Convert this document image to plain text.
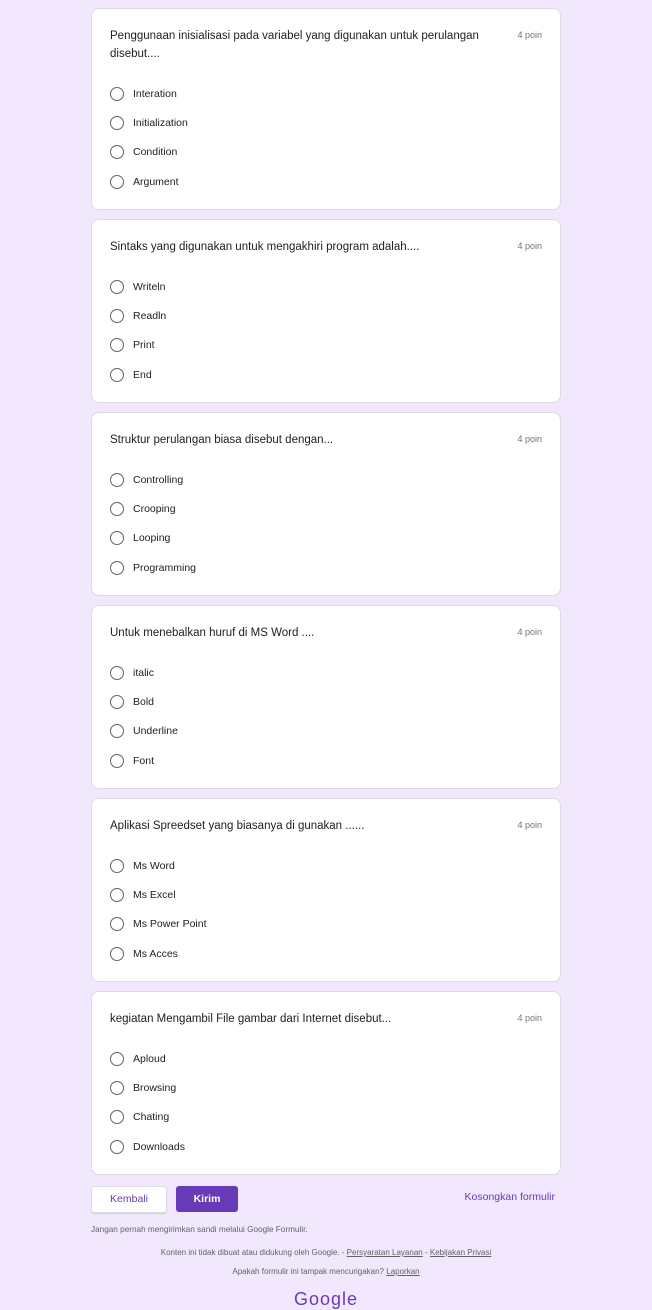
Penggunaan inisialisasi pada variabel yang digunakan untuk perulangan disebut....
4 poin
Interation
Initialization
Condition
Argument
Sintaks yang digunakan untuk mengakhiri program adalah....	4 poin
Writeln
Readln
Print
End
Struktur perulangan biasa disebut dengan...	4 poin
Controlling
Crooping
Looping
Programming
Untuk menebalkan huruf di MS Word ....	4 poin
italic
Bold
Underline
Font
Aplikasi Spreedset yang biasanya di gunakan ......	4 poin
Ms Word
Ms Excel
Ms Power Point
Ms Acces
kegiatan Mengambil File gambar dari Internet disebut...	4 poin
Aploud
Browsing
Chating
Downloads
Kembali	Kirim	Kosongkan formulir
Jangan pernah mengirimkan sandi melalui Google Formulir.
Konten ini tidak dibuat atau didukung oleh Google. - Persyaratan Layanan - Kebijakan Privasi
Apakah formulir ini tampak mencurigakan? Laporkan
Google
